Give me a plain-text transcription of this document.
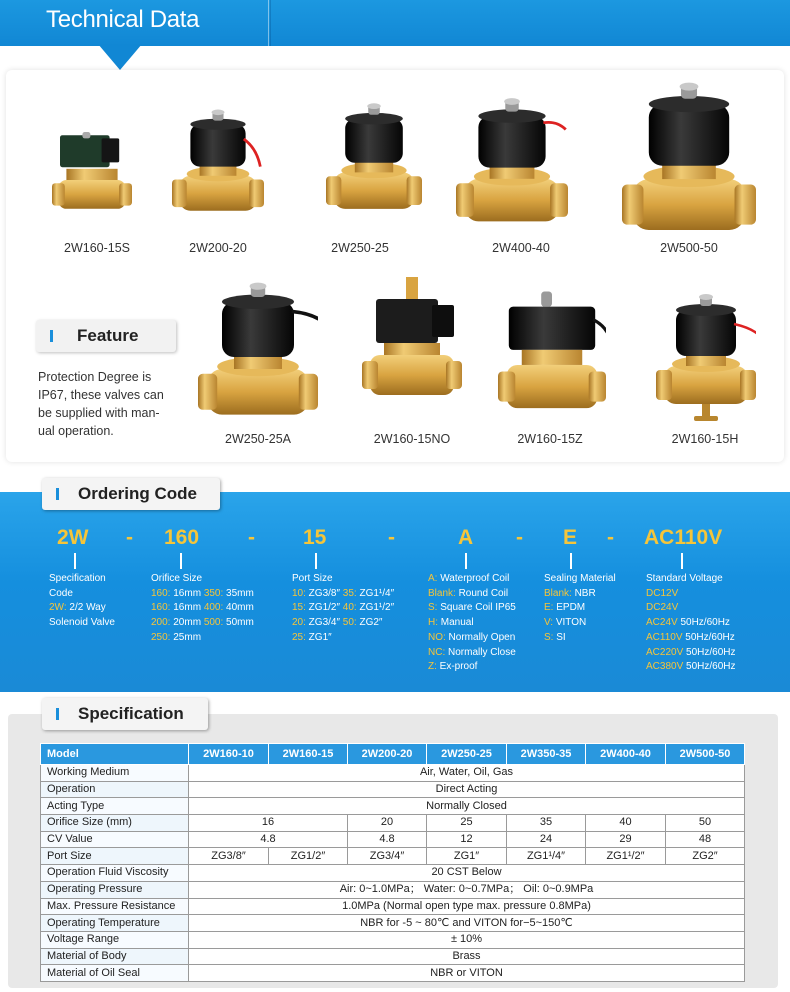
Technical Data
2W160-15S	2W200-20	2W250-25	2W400-40	2W500-50
2W250-25A	2W160-15NO	2W160-15Z	2W160-15H
Feature
Protection Degree is
IP67, these valves can
be supplied with man-
ual operation.
Ordering Code
2W - 160 - 15	-	A - E - AC110V
Specification
Code
2W: 2/2 Way
Solenoid Valve
Orifice Size
160: 16mm 350: 35mm
160: 16mm 400: 40mm
200: 20mm 500: 50mm
250: 25mm
Port Size
10: ZG3/8″ 35: ZG1¹/4″
15: ZG1/2″ 40: ZG1¹/2″
20: ZG3/4″ 50: ZG2″
25: ZG1″
A: Waterproof Coil
Blank: Round Coil
S: Square Coil IP65
H: Manual
NO: Normally Open
NC: Normally Close
Z: Ex-proof
Sealing Material
Blank: NBR
E: EPDM
V: VITON
S: SI
Standard Voltage
DC12V
DC24V
AC24V 50Hz/60Hz
AC110V 50Hz/60Hz
AC220V 50Hz/60Hz
AC380V 50Hz/60Hz
Specification
Model	2W160-10	2W160-15	2W200-20	2W250-25	2W350-35	2W400-40	2W500-50
Working Medium	Air, Water, Oil, Gas						
Operation	Direct Acting						
Acting Type	Normally Closed						
Orifice Size (mm)	16		20	25	35	40	50
CV Value	4.8		4.8	12	24	29	48
Port Size	ZG3/8″	ZG1/2″	ZG3/4″	ZG1″	ZG1¹/4″	ZG1¹/2″	ZG2″
Operation Fluid Viscosity	20 CST Below						
Operating Pressure	Air: 0~1.0MPa； Water: 0~0.7MPa； Oil: 0~0.9MPa						
Max. Pressure Resistance	1.0MPa (Normal open type max. pressure 0.8MPa)						
Operating Temperature	NBR for -5 ~ 80℃ and VITON for−5~150℃						
Voltage Range	± 10%						
Material of Body	Brass						
Material of Oil Seal	NBR or VITON						
